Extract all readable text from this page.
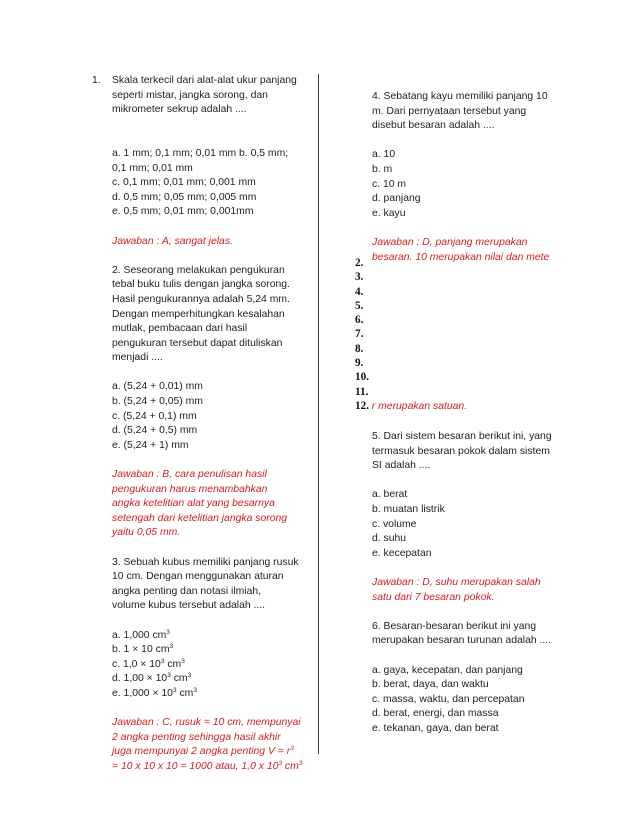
1. Skala terkecil dari alat-alat ukur panjang
seperti mistar, jangka sorong, dan
mikrometer sekrup adalah ....
a. 1 mm; 0,1 mm; 0,01 mm b. 0,5 mm;
0,1 mm; 0,01 mm
c. 0,1 mm; 0,01 mm; 0,001 mm
d. 0,5 mm; 0,05 mm; 0,005 mm
e. 0,5 mm; 0,01 mm; 0,001mm
Jawaban : A, sangat jelas.
2. Seseorang melakukan pengukuran
tebal buku tulis dengan jangka sorong.
Hasil pengukurannya adalah 5,24 mm.
Dengan memperhitungkan kesalahan
mutlak, pembacaan dari hasil
pengukuran tersebut dapat dituliskan
menjadi ....
a. (5,24 + 0,01) mm
b. (5,24 + 0,05) mm
c. (5,24 + 0,1) mm
d. (5,24 + 0,5) mm
e. (5,24 + 1) mm
Jawaban : B, cara penulisan hasil
pengukuran harus menambahkan
angka ketelitian alat yang besarnya
setengah dari ketelitian jangka sorong
yaitu 0,05 mm.
3. Sebuah kubus memiliki panjang rusuk
10 cm. Dengan menggunakan aturan
angka penting dan notasi ilmiah,
volume kubus tersebut adalah ....
a. 1,000 $cm^3$
b. 1 × 10 $cm^3$
c. $1,0 \times 10^3$ $cm^3$
d. $1,00 \times 10^3$ $cm^3$
e. $1,000 \times 10^3$ $cm^3$
Jawaban : C, rusuk = 10 cm, mempunyai
2 angka penting sehingga hasil akhir
juga mempunyai 2 angka penting $V = r^3$
= 10 x 10 x 10 = 1000 atau, 1,0 x $10^3$ $cm^3$
4. Sebatang kayu memiliki panjang 10
m. Dari pernyataan tersebut yang
disebut besaran adalah ....
a. 10
b. m
c. 10 m
d. panjang
e. kayu
Jawaban : D, panjang merupakan
besaran. 10 merupakan nilai dan mete
2.
3.
4.
5.
6.
7.
8.
9.
10.
11.
12. r merupakan satuan.
5. Dari sistem besaran berikut ini, yang
termasuk besaran pokok dalam sistem
SI adalah ....
a. berat
b. muatan listrik
c. volume
d. suhu
e. kecepatan
Jawaban : D, suhu merupakan salah
satu dari 7 besaran pokok.
6. Besaran-besaran berikut ini yang
merupakan besaran turunan adalah ....
a. gaya, kecepatan, dan panjang
b. berat, daya, dan waktu
c. massa, waktu, dan percepatan
d. berat, energi, dan massa
e. tekanan, gaya, dan berat
